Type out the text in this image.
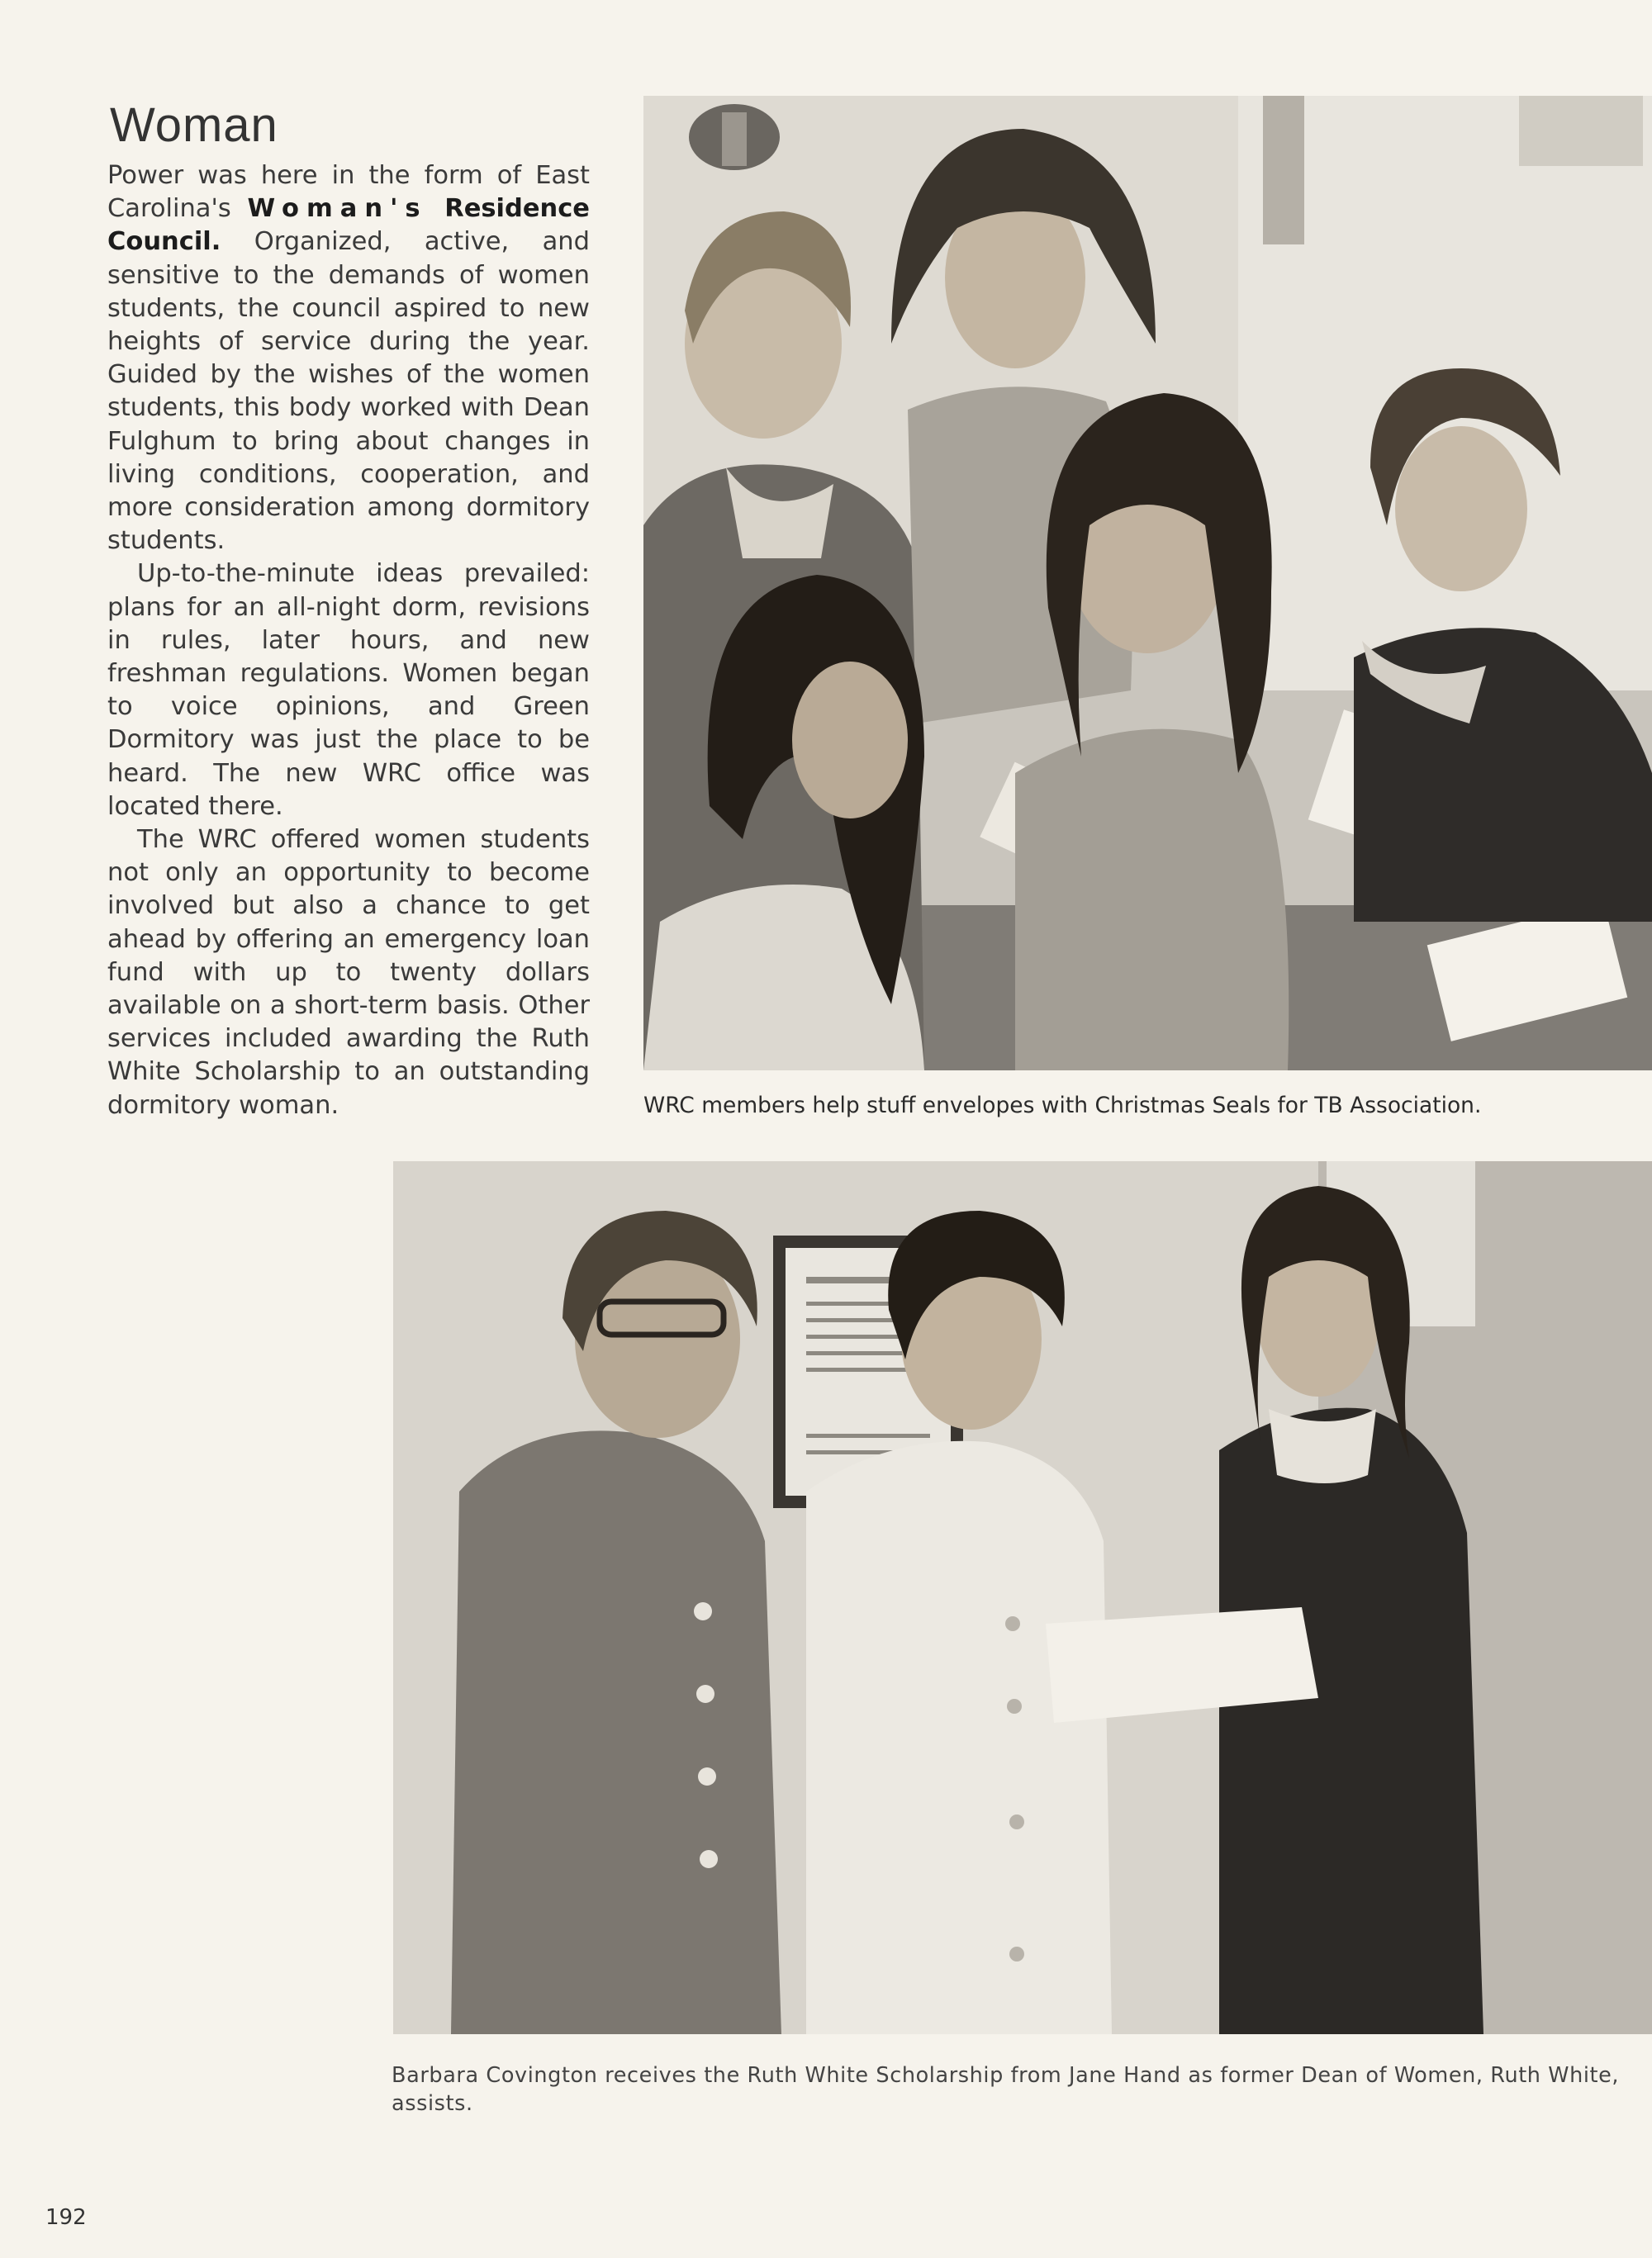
Woman

Power was here in the form of East Carolina's Woman's Residence Council. Organized, active, and sensitive to the demands of women students, the council aspired to new heights of service during the year. Guided by the wishes of the women students, this body worked with Dean Fulghum to bring about changes in living conditions, cooperation, and more consideration among dormitory students.

Up-to-the-minute ideas prevailed: plans for an all-night dorm, revisions in rules, later hours, and new freshman regulations. Women began to voice opinions, and Green Dormitory was just the place to be heard. The new WRC office was located there.

The WRC offered women students not only an opportunity to become involved but also a chance to get ahead by offering an emergency loan fund with up to twenty dollars available on a short-term basis. Other services included awarding the Ruth White Scholarship to an outstanding dormitory woman.	WRC members help stuff envelopes with Christmas Seals for TB Association.

Barbara Covington receives the Ruth White Scholarship from Jane Hand as former Dean of Women, Ruth White, assists.

192
